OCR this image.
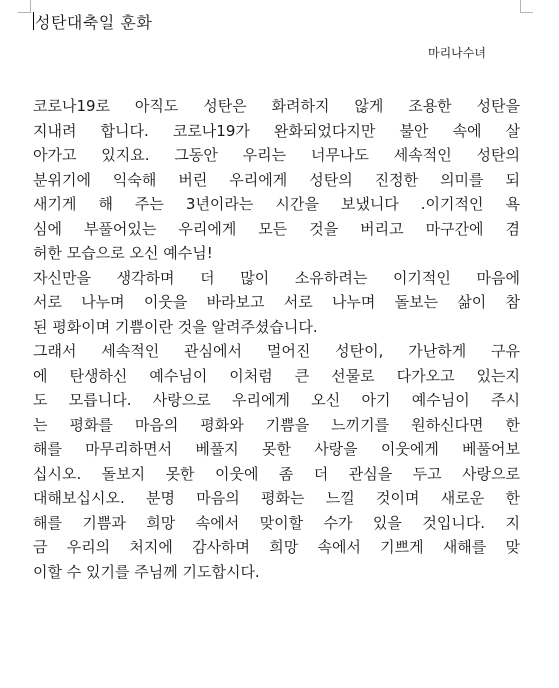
성탄대축일 훈화
마리나수녀
코로나19로 아직도 성탄은 화려하지 않게 조용한 성탄을
지내려 합니다. 코로나19가 완화되었다지만 불안 속에 살
아가고 있지요. 그동안 우리는 너무나도 세속적인 성탄의
분위기에 익숙해 버린 우리에게 성탄의 진정한 의미를 되
새기게 해 주는 3년이라는 시간을 보냈니다 .이기적인 욕
심에 부풀어있는 우리에게 모든 것을 버리고 마구간에 겸
허한 모습으로 오신 예수님!
자신만을 생각하며 더 많이 소유하려는 이기적인 마음에
서로 나누며 이웃을 바라보고 서로 나누며 돌보는 삶이 참
된 평화이며 기쁨이란 것을 알려주셨습니다.
그래서 세속적인 관심에서 멀어진 성탄이, 가난하게 구유
에 탄생하신 예수님이 이처럼 큰 선물로 다가오고 있는지
도 모릅니다. 사랑으로 우리에게 오신 아기 예수님이 주시
는 평화를 마음의 평화와 기쁨을 느끼기를 원하신다면 한
해를 마무리하면서 베풀지 못한 사랑을 이웃에게 베풀어보
십시오. 돌보지 못한 이웃에 좀 더 관심을 두고 사랑으로
대해보십시오. 분명 마음의 평화는 느낄 것이며 새로운 한
해를 기쁨과 희망 속에서 맞이할 수가 있을 것입니다. 지
금 우리의 처지에 감사하며 희망 속에서 기쁘게 새해를 맞
이할 수 있기를 주님께 기도합시다.
